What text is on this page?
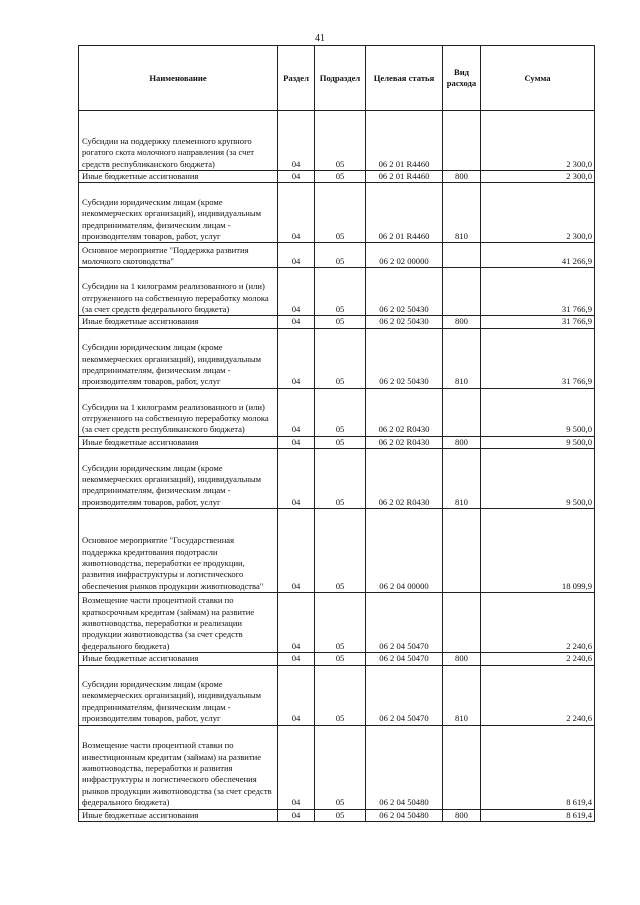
41
Наименование	Раздел	Подраздел	Целевая статья	Вид расхода	Сумма
Субсидии на поддержку племенного крупного рогатого скота молочного направления (за счет средств республиканского бюджета)	04	05	06 2 01 R4460		2 300,0
Иные бюджетные ассигнования	04	05	06 2 01 R4460	800	2 300,0
Субсидии юридическим лицам (кроме некоммерческих организаций), индивидуальным предпринимателям, физическим лицам - производителям товаров, работ, услуг	04	05	06 2 01 R4460	810	2 300,0
Основное мероприятие "Поддержка развития молочного скотоводства"	04	05	06 2 02 00000		41 266,9
Субсидии на 1 килограмм реализованного и (или) отгруженного на собственную переработку молока (за счет средств федерального бюджета)	04	05	06 2 02 50430		31 766,9
Иные бюджетные ассигнования	04	05	06 2 02 50430	800	31 766,9
Субсидии юридическим лицам (кроме некоммерческих организаций), индивидуальным предпринимателям, физическим лицам - производителям товаров, работ, услуг	04	05	06 2 02 50430	810	31 766,9
Субсидии на 1 килограмм реализованного и (или) отгруженного на собственную переработку молока (за счет средств республиканского бюджета)	04	05	06 2 02 R0430		9 500,0
Иные бюджетные ассигнования	04	05	06 2 02 R0430	800	9 500,0
Субсидии юридическим лицам (кроме некоммерческих организаций), индивидуальным предпринимателям, физическим лицам - производителям товаров, работ, услуг	04	05	06 2 02 R0430	810	9 500,0
Основное мероприятие "Государственная поддержка кредитования подотрасли животноводства, переработки ее продукции, развития инфраструктуры и логистического обеспечения рынков продукции животноводства"	04	05	06 2 04 00000		18 099,9
Возмещение части процентной ставки по краткосрочным кредитам (займам) на развитие животноводства, переработки и реализации продукции животноводства (за счет средств федерального бюджета)	04	05	06 2 04 50470		2 240,6
Иные бюджетные ассигнования	04	05	06 2 04 50470	800	2 240,6
Субсидии юридическим лицам (кроме некоммерческих организаций), индивидуальным предпринимателям, физическим лицам - производителям товаров, работ, услуг	04	05	06 2 04 50470	810	2 240,6
Возмещение части процентной ставки по инвестиционным кредитам (займам) на развитие животноводства, переработки и развития инфраструктуры и логистического обеспечения рынков продукции животноводства (за счет средств федерального бюджета)	04	05	06 2 04 50480		8 619,4
Иные бюджетные ассигнования	04	05	06 2 04 50480	800	8 619,4
